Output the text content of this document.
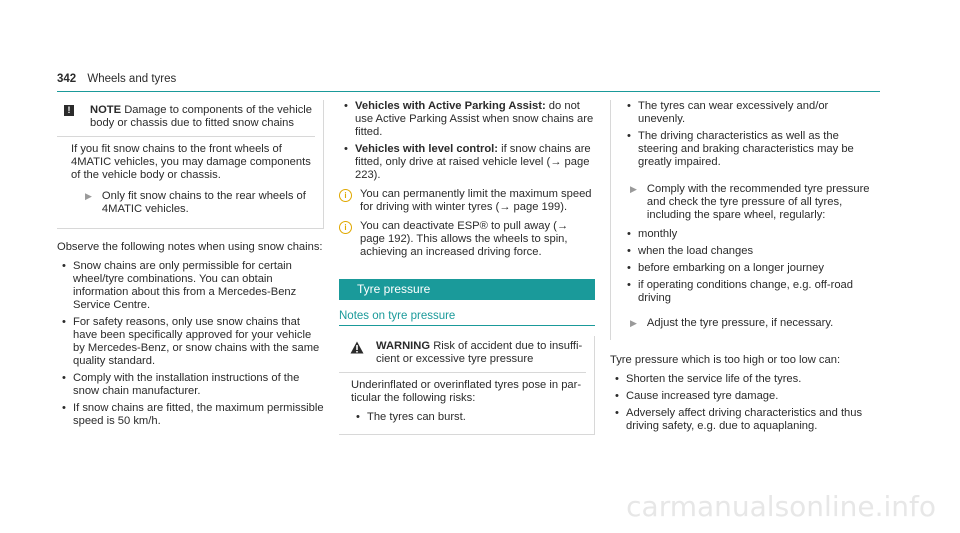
342 Wheels and tyres
!	NOTE Damage to components of the vehicle body or chassis due to fitted snow chains

If you fit snow chains to the front wheels of 4MATIC vehicles, you may damage components of the vehicle body or chassis.

▶ Only fit snow chains to the rear wheels of 4MATIC vehicles.

Observe the following notes when using snow chains:

• Snow chains are only permissible for certain wheel/tyre combinations. You can obtain information about this from a Mercedes-Benz Service Centre.
• For safety reasons, only use snow chains that have been specifically approved for your vehicle by Mercedes-Benz, or snow chains with the same quality standard.
• Comply with the installation instructions of the snow chain manufacturer.
• If snow chains are fitted, the maximum permissible speed is 50 km/h.
• Vehicles with Active Parking Assist: do not use Active Parking Assist when snow chains are fitted.
• Vehicles with level control: if snow chains are fitted, only drive at raised vehicle level (→ page 223).
i	You can permanently limit the maximum speed for driving with winter tyres (→ page 199).
i	You can deactivate ESP® to pull away (→ page 192). This allows the wheels to spin, achieving an increased driving force.
Tyre pressure
Notes on tyre pressure
WARNING Risk of accident due to insufficient or excessive tyre pressure

Underinflated or overinflated tyres pose in particular the following risks:

• The tyres can burst.
• The tyres can wear excessively and/or unevenly.
• The driving characteristics as well as the steering and braking characteristics may be greatly impaired.
▶ Comply with the recommended tyre pressure and check the tyre pressure of all tyres, including the spare wheel, regularly:
• monthly
• when the load changes
• before embarking on a longer journey
• if operating conditions change, e.g. off-road driving
▶ Adjust the tyre pressure, if necessary.

Tyre pressure which is too high or too low can:

• Shorten the service life of the tyres.
• Cause increased tyre damage.
• Adversely affect driving characteristics and thus driving safety, e.g. due to aquaplaning.
carmanualsonline.info
